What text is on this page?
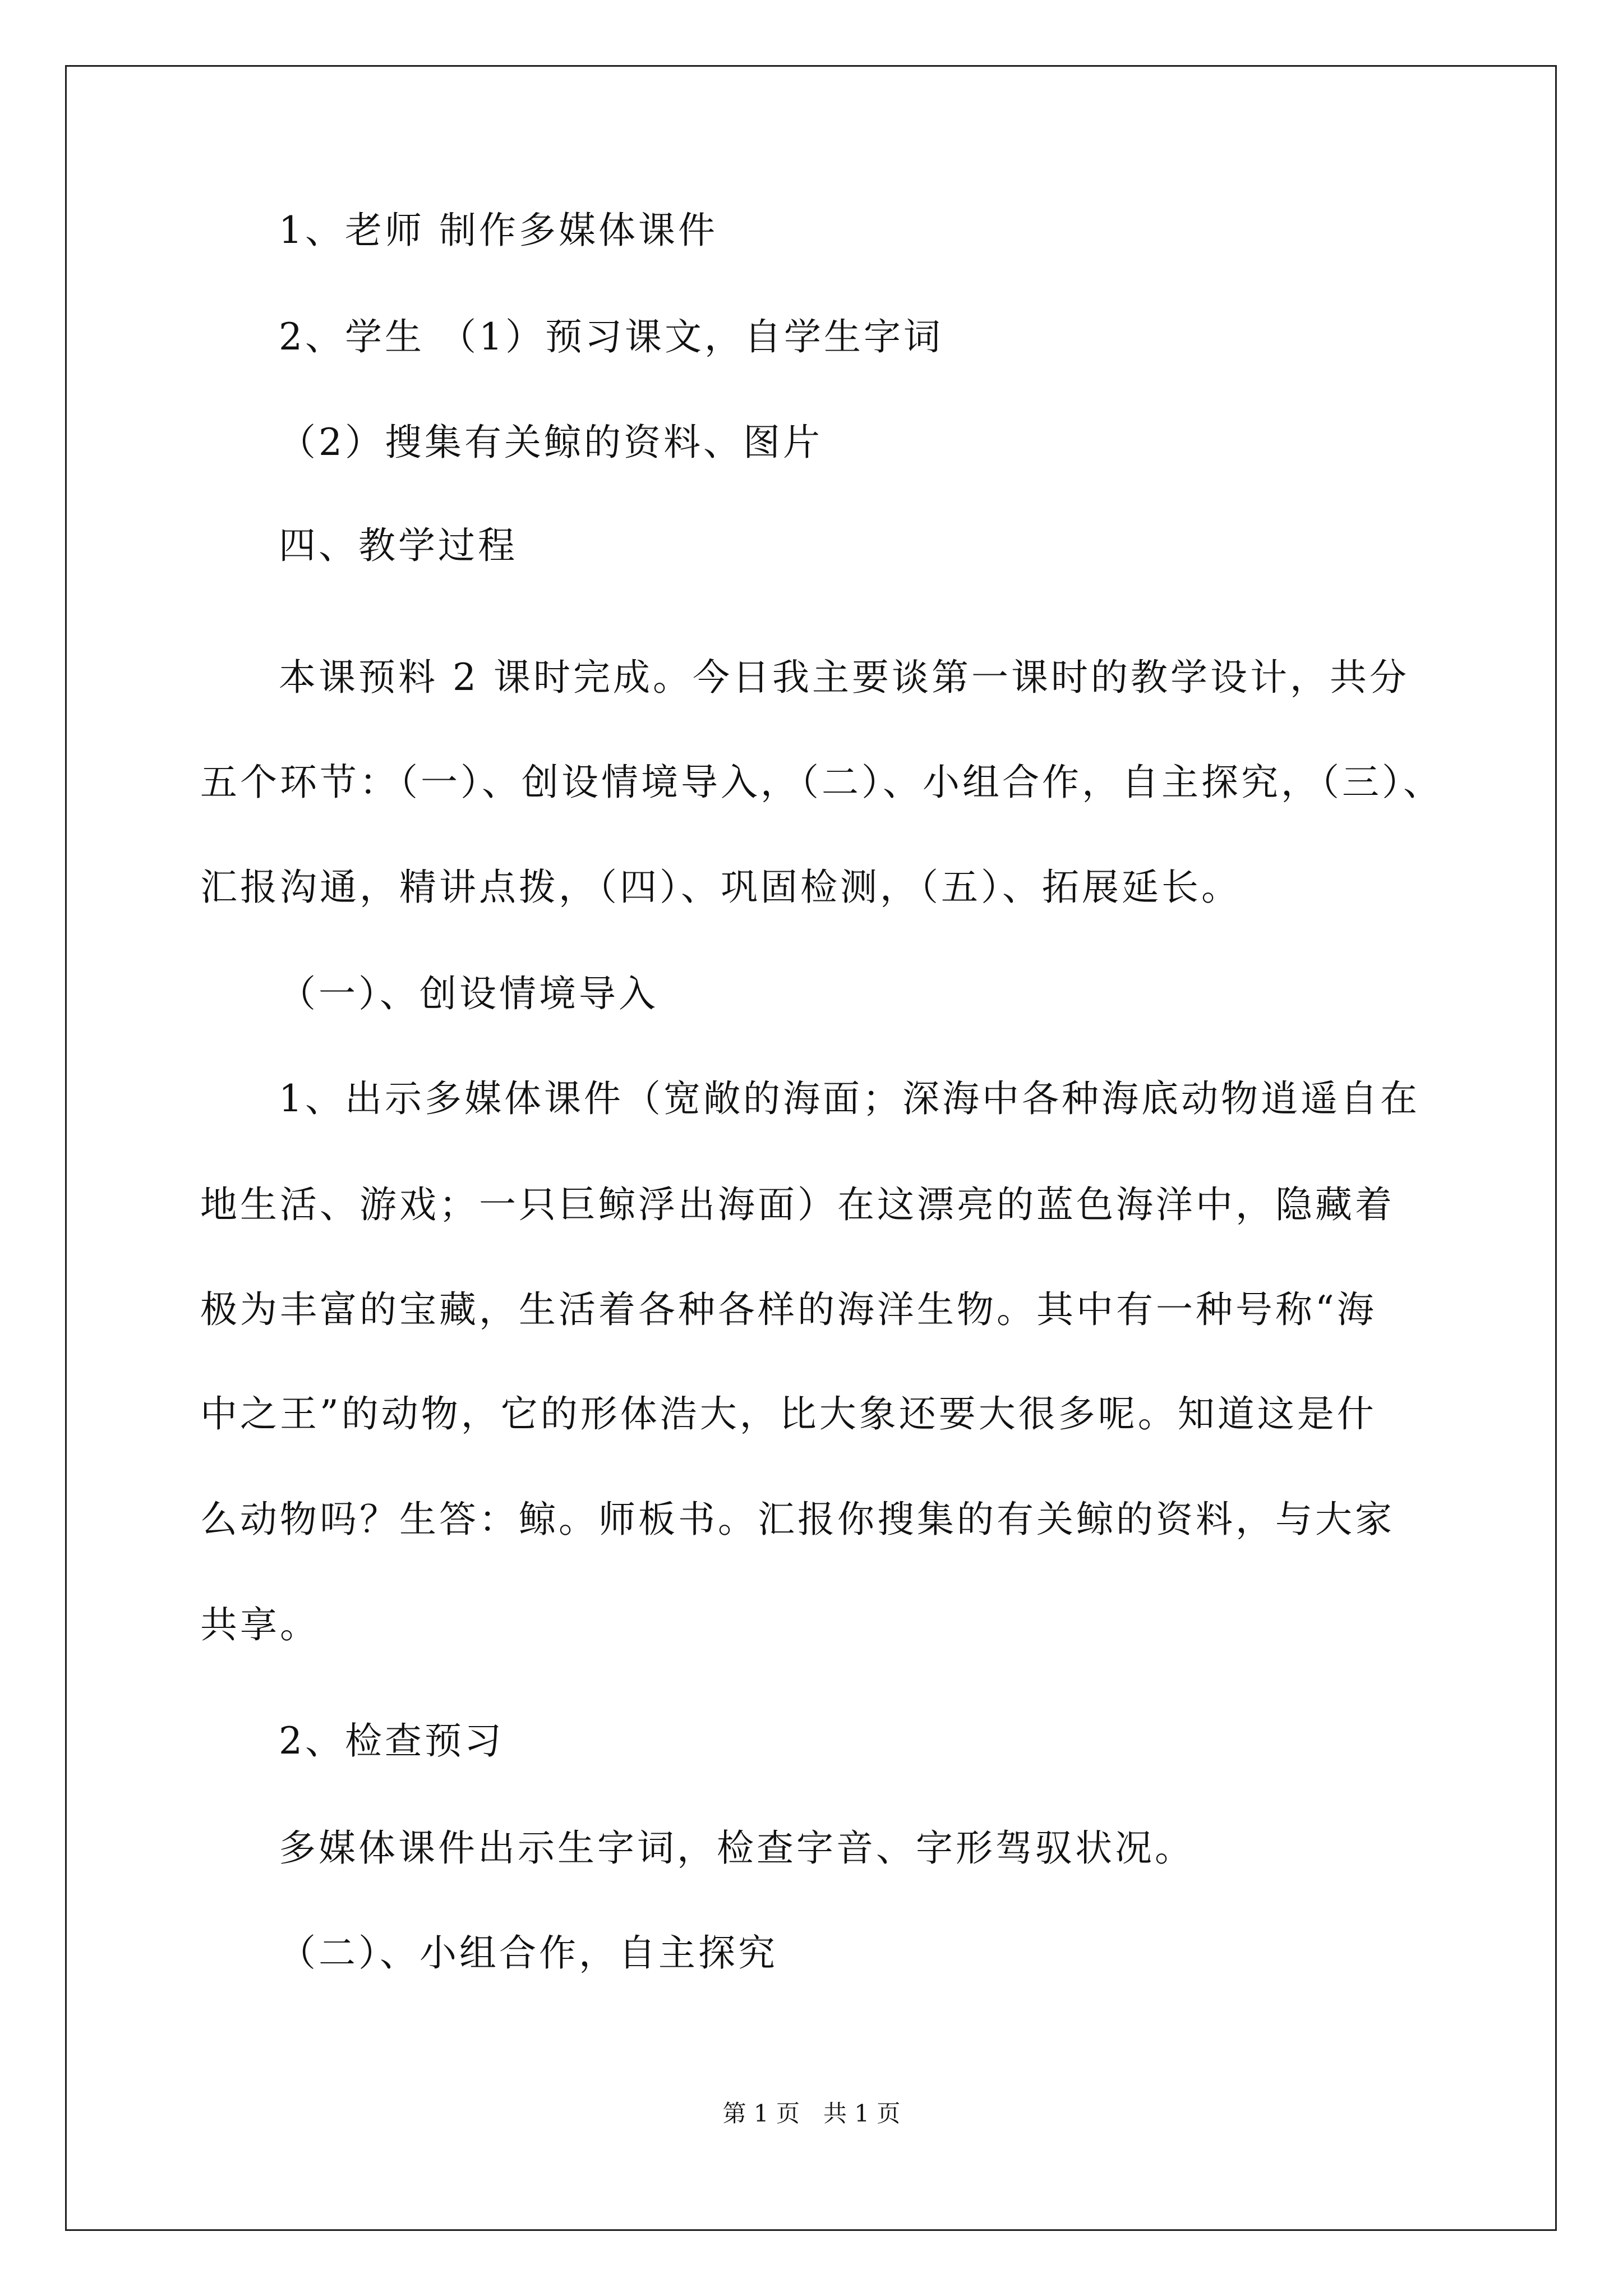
1、老师 制作多媒体课件

2、学生 （1）预习课文，自学生字词

（2）搜集有关鲸的资料、图片

四、教学过程

本课预料 2 课时完成。今日我主要谈第一课时的教学设计，共分

五个环节：（一）、创设情境导入，（二）、小组合作，自主探究，（三）、

汇报沟通，精讲点拨，（四）、巩固检测，（五）、拓展延长。

（一）、创设情境导入

1、出示多媒体课件（宽敞的海面；深海中各种海底动物逍遥自在

地生活、游戏；一只巨鲸浮出海面）在这漂亮的蓝色海洋中，隐藏着

极为丰富的宝藏，生活着各种各样的海洋生物。其中有一种号称“海

中之王”的动物，它的形体浩大，比大象还要大很多呢。知道这是什

么动物吗？生答：鲸。师板书。汇报你搜集的有关鲸的资料，与大家

共享。

2、检查预习

多媒体课件出示生字词，检查字音、字形驾驭状况。

（二）、小组合作，自主探究

第 1 页　共 1 页
